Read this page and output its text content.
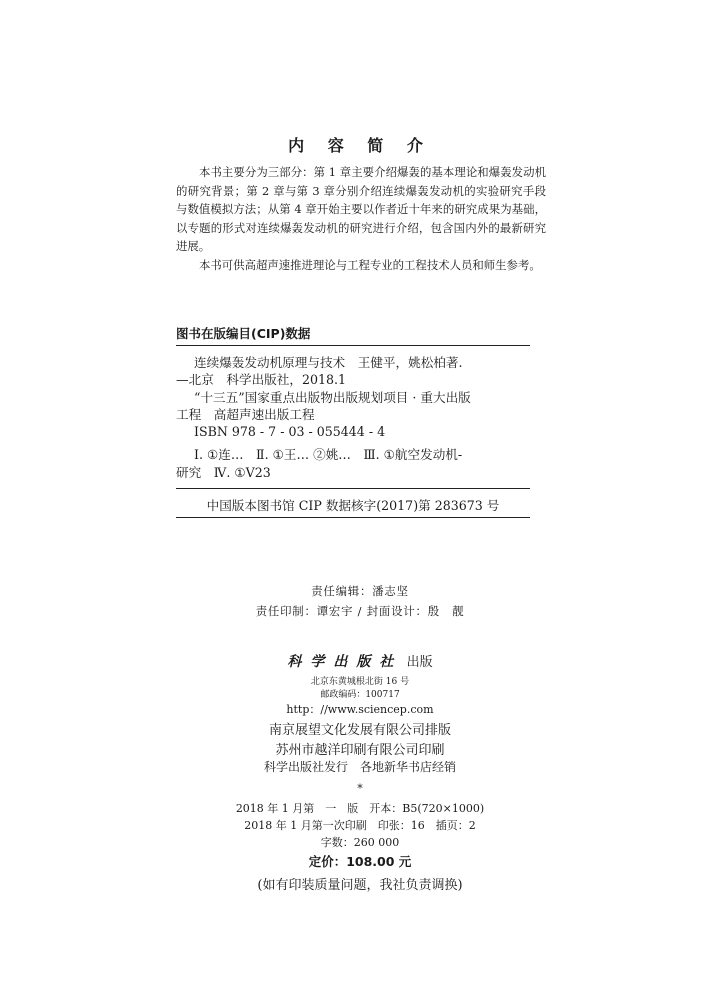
内 容 简 介

本书主要分为三部分：第 1 章主要介绍爆轰的基本理论和爆轰发动机的研究背景；第 2 章与第 3 章分别介绍连续爆轰发动机的实验研究手段与数值模拟方法；从第 4 章开始主要以作者近十年来的研究成果为基础，以专题的形式对连续爆轰发动机的研究进行介绍，包含国内外的最新研究进展。

本书可供高超声速推进理论与工程专业的工程技术人员和师生参考。

图书在版编目(CIP)数据
连续爆轰发动机原理与技术　王健平，姚松柏著.
—北京　科学出版社，2018.1
“十三五”国家重点出版物出版规划项目 · 重大出版
工程　高超声速出版工程
ISBN 978 - 7 - 03 - 055444 - 4
Ⅰ. ①连…　Ⅱ. ①王… ②姚…　Ⅲ. ①航空发动机-
研究　Ⅳ. ①V23
中国版本图书馆 CIP 数据核字(2017)第 283673 号
责任编辑：潘志坚
责任印制：谭宏宇 / 封面设计：殷　靓
科学出版社 出版
北京东黄城根北街 16 号
邮政编码：100717
http：//www.sciencep.com
南京展望文化发展有限公司排版
苏州市越洋印刷有限公司印刷
科学出版社发行　各地新华书店经销
*
2018 年 1 月第　一　版　开本：B5(720×1000)
2018 年 1 月第一次印刷　印张：16　插页：2
字数：260 000
定价：108.00 元
(如有印装质量问题，我社负责调换)
